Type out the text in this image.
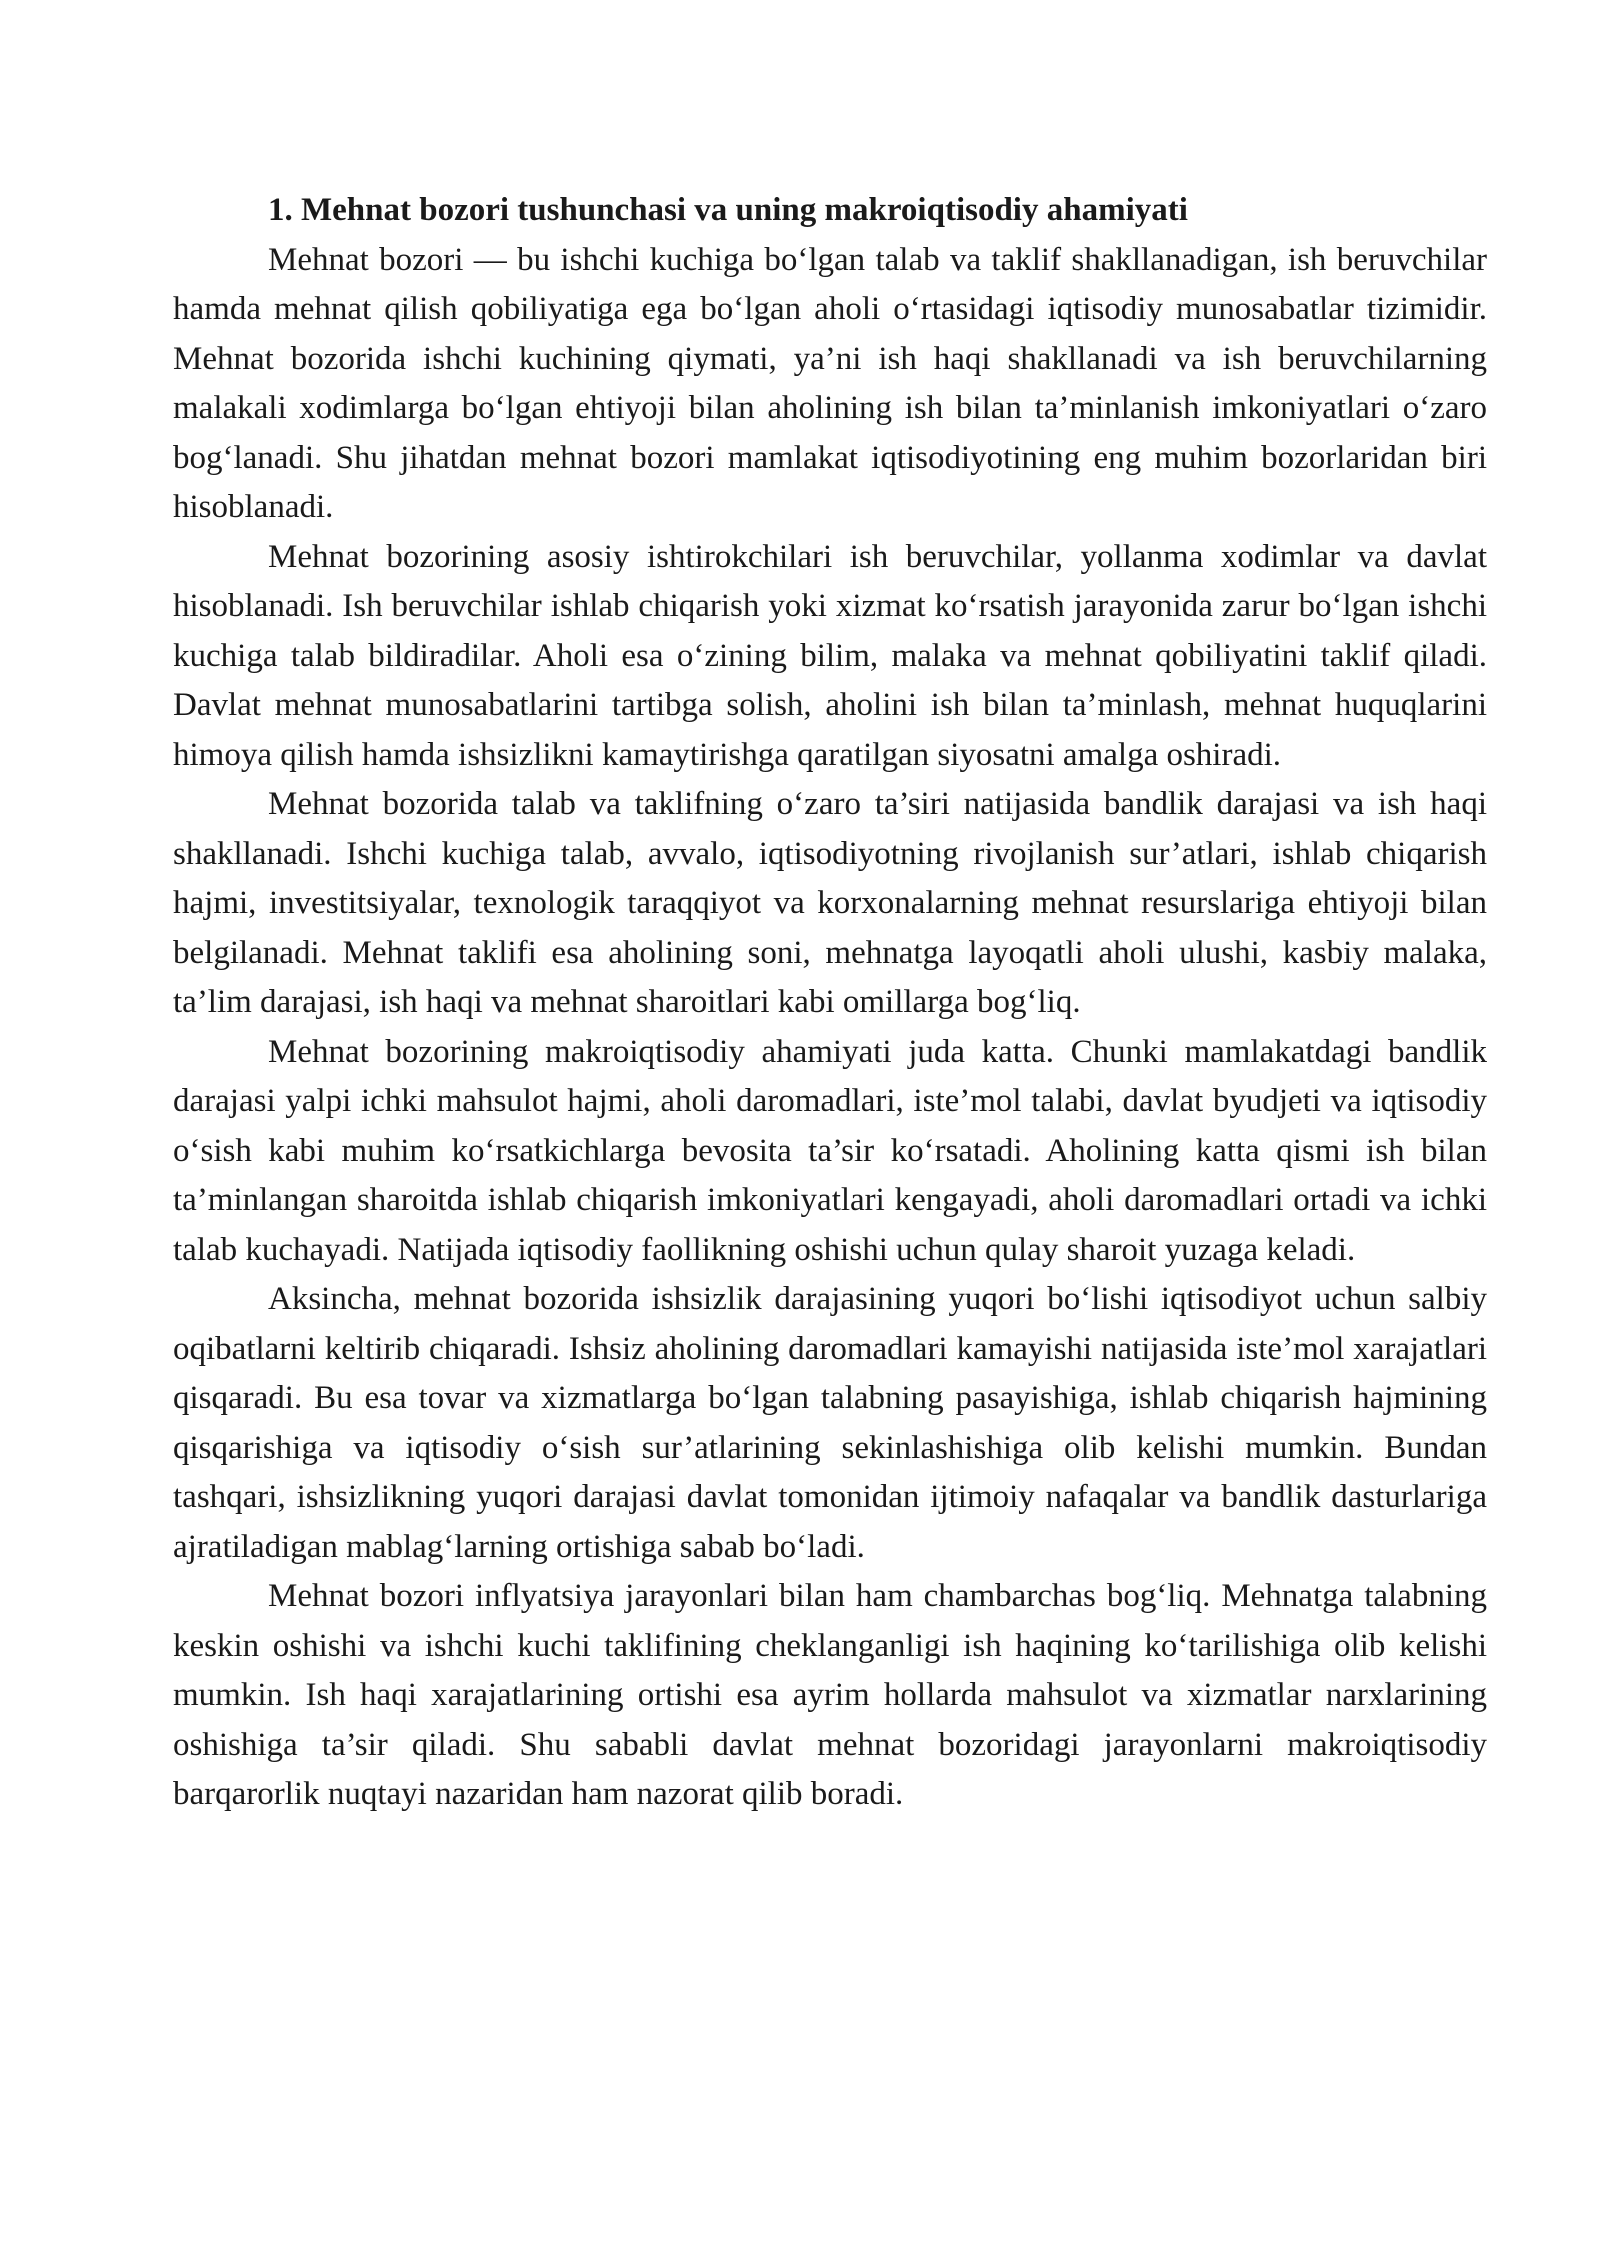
1. Mehnat bozori tushunchasi va uning makroiqtisodiy ahamiyati

Mehnat bozori — bu ishchi kuchiga bo‘lgan talab va taklif shakllanadigan, ish beruvchilar hamda mehnat qilish qobiliyatiga ega bo‘lgan aholi o‘rtasidagi iqtisodiy munosabatlar tizimidir. Mehnat bozorida ishchi kuchining qiymati, ya’ni ish haqi shakllanadi va ish beruvchilarning malakali xodimlarga bo‘lgan ehtiyoji bilan aholining ish bilan ta’minlanish imkoniyatlari o‘zaro bog‘lanadi. Shu jihatdan mehnat bozori mamlakat iqtisodiyotining eng muhim bozorlaridan biri hisoblanadi.

Mehnat bozorining asosiy ishtirokchilari ish beruvchilar, yollanma xodimlar va davlat hisoblanadi. Ish beruvchilar ishlab chiqarish yoki xizmat ko‘rsatish jarayonida zarur bo‘lgan ishchi kuchiga talab bildiradilar. Aholi esa o‘zining bilim, malaka va mehnat qobiliyatini taklif qiladi. Davlat mehnat munosabatlarini tartibga solish, aholini ish bilan ta’minlash, mehnat huquqlarini himoya qilish hamda ishsizlikni kamaytirishga qaratilgan siyosatni amalga oshiradi.

Mehnat bozorida talab va taklifning o‘zaro ta’siri natijasida bandlik darajasi va ish haqi shakllanadi. Ishchi kuchiga talab, avvalo, iqtisodiyotning rivojlanish sur’atlari, ishlab chiqarish hajmi, investitsiyalar, texnologik taraqqiyot va korxonalarning mehnat resurslariga ehtiyoji bilan belgilanadi. Mehnat taklifi esa aholining soni, mehnatga layoqatli aholi ulushi, kasbiy malaka, ta’lim darajasi, ish haqi va mehnat sharoitlari kabi omillarga bog‘liq.

Mehnat bozorining makroiqtisodiy ahamiyati juda katta. Chunki mamlakatdagi bandlik darajasi yalpi ichki mahsulot hajmi, aholi daromadlari, iste’mol talabi, davlat byudjeti va iqtisodiy o‘sish kabi muhim ko‘rsatkichlarga bevosita ta’sir ko‘rsatadi. Aholining katta qismi ish bilan ta’minlangan sharoitda ishlab chiqarish imkoniyatlari kengayadi, aholi daromadlari ortadi va ichki talab kuchayadi. Natijada iqtisodiy faollikning oshishi uchun qulay sharoit yuzaga keladi.

Aksincha, mehnat bozorida ishsizlik darajasining yuqori bo‘lishi iqtisodiyot uchun salbiy oqibatlarni keltirib chiqaradi. Ishsiz aholining daromadlari kamayishi natijasida iste’mol xarajatlari qisqaradi. Bu esa tovar va xizmatlarga bo‘lgan talabning pasayishiga, ishlab chiqarish hajmining qisqarishiga va iqtisodiy o‘sish sur’atlarining sekinlashishiga olib kelishi mumkin. Bundan tashqari, ishsizlikning yuqori darajasi davlat tomonidan ijtimoiy nafaqalar va bandlik dasturlariga ajratiladigan mablag‘larning ortishiga sabab bo‘ladi.

Mehnat bozori inflyatsiya jarayonlari bilan ham chambarchas bog‘liq. Mehnatga talabning keskin oshishi va ishchi kuchi taklifining cheklanganligi ish haqining ko‘tarilishiga olib kelishi mumkin. Ish haqi xarajatlarining ortishi esa ayrim hollarda mahsulot va xizmatlar narxlarining oshishiga ta’sir qiladi. Shu sababli davlat mehnat bozoridagi jarayonlarni makroiqtisodiy barqarorlik nuqtayi nazaridan ham nazorat qilib boradi.
